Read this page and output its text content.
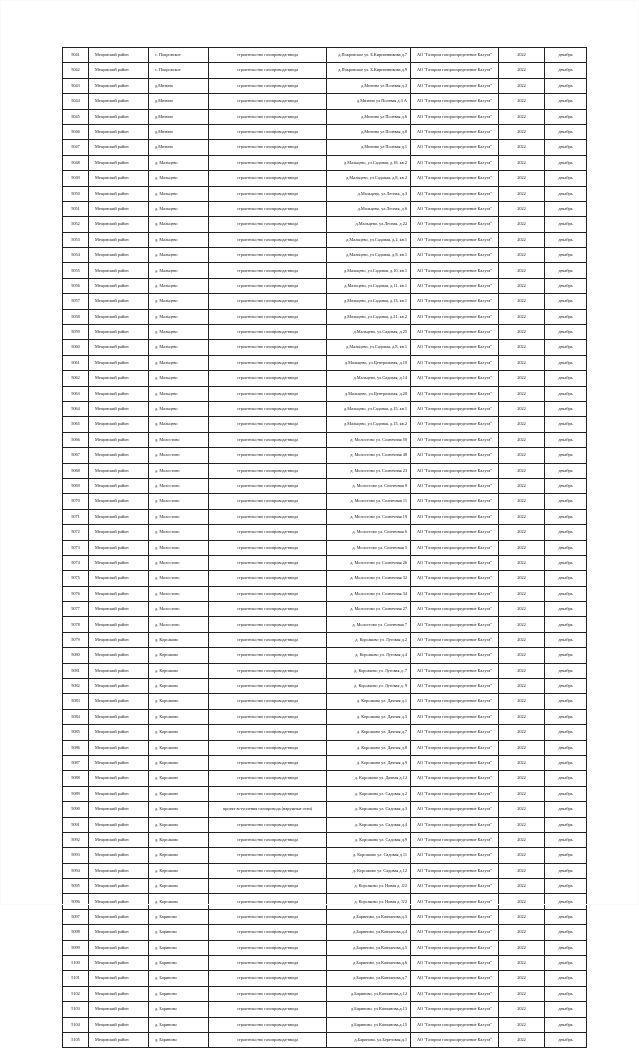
5041	Мещовский район	с. Покровское	строительство газопровода-ввода	д.Покровское ул. Б.Кирпичникова д.7	АО "Газпром газораспределение Калуга"	2022	декабрь
5042	Мещовский район	с. Покровское	строительство газопровода-ввода	д.Покровское ул. Б.Кирпичникова д.9	АО "Газпром газораспределение Калуга"	2022	декабрь
5043	Мещовский район	д.Митино	строительство газопровода-ввода	д.Митино ул Полевая д.3	АО "Газпром газораспределение Калуга"	2022	декабрь
5044	Мещовский район	д.Митино	строительство газопровода-ввода	д.Митино ул Полевая д.3 А	АО "Газпром газораспределение Калуга"	2022	декабрь
5045	Мещовский район	д.Митино	строительство газопровода-ввода	д.Митино ул Полевая д.6	АО "Газпром газораспределение Калуга"	2022	декабрь
5046	Мещовский район	д.Митино	строительство газопровода-ввода	д.Митино ул Полевая д.8	АО "Газпром газораспределение Калуга"	2022	декабрь
5047	Мещовский район	д.Митино	строительство газопровода-ввода	д.Митино ул Полевая д.1	АО "Газпром газораспределение Калуга"	2022	декабрь
5048	Мещовский район	д. Мальцево	строительство газопровода-ввода	д.Мальцево, ул.Садовая, д.18, кв.2	АО "Газпром газораспределение Калуга"	2022	декабрь
5049	Мещовский район	д. Мальцево	строительство газопровода-ввода	д.Мальцево, ул.Садовая, д.8, кв.2	АО "Газпром газораспределение Калуга"	2022	декабрь
5050	Мещовский район	д. Мальцево	строительство газопровода-ввода	д.Мальцево, ул.Лесная, д.3	АО "Газпром газораспределение Калуга"	2022	декабрь
5051	Мещовский район	д. Мальцево	строительство газопровода-ввода	д.Мальцево, ул.Лесная, д.6	АО "Газпром газораспределение Калуга"	2022	декабрь
5052	Мещовский район	д. Мальцево	строительство газопровода-ввода	д.Мальцево, ул.Лесная, д.22	АО "Газпром газораспределение Калуга"	2022	декабрь
5053	Мещовский район	д. Мальцево	строительство газопровода-ввода	д.Мальцево, ул.Садовая, д.2, кв.1	АО "Газпром газораспределение Калуга"	2022	декабрь
5054	Мещовский район	д. Мальцево	строительство газопровода-ввода	д.Мальцево, ул.Садовая, д.8, кв.1	АО "Газпром газораспределение Калуга"	2022	декабрь
5055	Мещовский район	д. Мальцево	строительство газопровода-ввода	д.Мальцево, ул.Садовая, д.10, кв.1	АО "Газпром газораспределение Калуга"	2022	декабрь
5056	Мещовский район	д. Мальцево	строительство газопровода-ввода	д.Мальцево, ул.Садовая, д.11, кв.1	АО "Газпром газораспределение Калуга"	2022	декабрь
5057	Мещовский район	д. Мальцево	строительство газопровода-ввода	д.Мальцево, ул.Садовая, д.13, кв.1	АО "Газпром газораспределение Калуга"	2022	декабрь
5058	Мещовский район	д. Мальцево	строительство газопровода-ввода	д.Мальцево, ул.Садовая, д.21, кв.2	АО "Газпром газораспределение Калуга"	2022	декабрь
5059	Мещовский район	д. Мальцево	строительство газопровода-ввода	д.Мальцево, ул.Садовая, д.25	АО "Газпром газораспределение Калуга"	2022	декабрь
5060	Мещовский район	д. Мальцево	строительство газопровода-ввода	д.Мальцево, ул.Садовая, д.8, кв.1	АО "Газпром газораспределение Калуга"	2022	декабрь
5061	Мещовский район	д. Мальцево	строительство газопровода-ввода	д.Мальцево, ул.Центральная, д.10	АО "Газпром газораспределение Калуга"	2022	декабрь
5062	Мещовский район	д. Мальцево	строительство газопровода-ввода	д.Мальцево, ул.Садовая, д.14	АО "Газпром газораспределение Калуга"	2022	декабрь
5063	Мещовский район	д. Мальцево	строительство газопровода-ввода	д.Мальцево, ул.Центральная, д.20	АО "Газпром газораспределение Калуга"	2022	декабрь
5064	Мещовский район	д. Мальцево	строительство газопровода-ввода	д.Мальцево, ул.Садовая, д.15, кв.1	АО "Газпром газораспределение Калуга"	2022	декабрь
5065	Мещовский район	д. Мальцево	строительство газопровода-ввода	д.Мальцево, ул.Садовая, д.15, кв.2	АО "Газпром газораспределение Калуга"	2022	декабрь
5066	Мещовский район	д. Молостово	строительство газопровода-ввода	д. Молостово ул. Солнечная 50	АО "Газпром газораспределение Калуга"	2022	декабрь
5067	Мещовский район	д. Молостово	строительство газопровода-ввода	д. Молостово ул. Солнечная 48	АО "Газпром газораспределение Калуга"	2022	декабрь
5068	Мещовский район	д. Молостово	строительство газопровода-ввода	д. Молостово ул. Солнечная 23	АО "Газпром газораспределение Калуга"	2022	декабрь
5069	Мещовский район	д. Молостово	строительство газопровода-ввода	д. Молостово ул. Солнечная 9	АО "Газпром газораспределение Калуга"	2022	декабрь
5070	Мещовский район	д. Молостово	строительство газопровода-ввода	д. Молостово ул. Солнечная 11	АО "Газпром газораспределение Калуга"	2022	декабрь
5071	Мещовский район	д. Молостово	строительство газопровода-ввода	д. Молостово ул. Солнечная 19	АО "Газпром газораспределение Калуга"	2022	декабрь
5072	Мещовский район	д. Молостово	строительство газопровода-ввода	д. Молостово ул. Солнечная 6	АО "Газпром газораспределение Калуга"	2022	декабрь
5073	Мещовский район	д. Молостово	строительство газопровода-ввода	д. Молостово ул. Солнечная 5	АО "Газпром газораспределение Калуга"	2022	декабрь
5074	Мещовский район	д. Молостово	строительство газопровода-ввода	д. Молостово ул. Солнечная 26	АО "Газпром газораспределение Калуга"	2022	декабрь
5075	Мещовский район	д. Молостово	строительство газопровода-ввода	д. Молостово ул. Солнечная 32	АО "Газпром газораспределение Калуга"	2022	декабрь
5076	Мещовский район	д. Молостово	строительство газопровода-ввода	д. Молостово ул. Солнечная 34	АО "Газпром газораспределение Калуга"	2022	декабрь
5077	Мещовский район	д. Молостово	строительство газопровода-ввода	д. Молостово ул. Солнечная 27	АО "Газпром газораспределение Калуга"	2022	декабрь
5078	Мещовский район	д. Молостово	строительство газопровода-ввода	д. Молостово ул. Солнечная 7	АО "Газпром газораспределение Калуга"	2022	декабрь
5079	Мещовский район	д. Корсаково	строительство газопровода-ввода	д. Корсаково ул. Луговая д.2	АО "Газпром газораспределение Калуга"	2022	декабрь
5080	Мещовский район	д. Корсаково	строительство газопровода-ввода	д. Корсаково ул. Луговая д.4	АО "Газпром газораспределение Калуга"	2022	декабрь
5081	Мещовский район	д. Корсаково	строительство газопровода-ввода	д. Корсаково ул. Луговая д. 7	АО "Газпром газораспределение Калуга"	2022	декабрь
5082	Мещовский район	д. Корсаково	строительство газопровода-ввода	д. Корсаково ул. Луговая д. 9	АО "Газпром газораспределение Калуга"	2022	декабрь
5083	Мещовский район	д. Корсаково	строительство газопровода-ввода	д. Корсаково ул. Дачная д.1	АО "Газпром газораспределение Калуга"	2022	декабрь
5084	Мещовский район	д. Корсаково	строительство газопровода-ввода	д. Корсаково ул. Дачная д.3	АО "Газпром газораспределение Калуга"	2022	декабрь
5085	Мещовский район	д. Корсаково	строительство газопровода-ввода	д. Корсаково ул. Дачная д.7	АО "Газпром газораспределение Калуга"	2022	декабрь
5086	Мещовский район	д. Корсаково	строительство газопровода-ввода	д. Корсаково ул. Дачная д.8	АО "Газпром газораспределение Калуга"	2022	декабрь
5087	Мещовский район	д. Корсаково	строительство газопровода-ввода	д. Корсаково ул. Дачная д.9	АО "Газпром газораспределение Калуга"	2022	декабрь
5088	Мещовский район	д. Корсаково	строительство газопровода-ввода	д. Корсаково ул. Дачная д.12	АО "Газпром газораспределение Калуга"	2022	декабрь
5089	Мещовский район	д. Корсаково	строительство газопровода-ввода	д. Корсаково ул. Садовая д.2	АО "Газпром газораспределение Калуга"	2022	декабрь
5090	Мещовский район	д. Корсаково	проект вступления газопровода (наружные сети)	д. Корсаково ул. Садовая д.3	АО "Газпром газораспределение Калуга"	2022	декабрь
5091	Мещовский район	д. Корсаково	строительство газопровода-ввода	д. Корсаково ул. Садовая д.4	АО "Газпром газораспределение Калуга"	2022	декабрь
5092	Мещовский район	д. Корсаково	строительство газопровода-ввода	д. Корсаково ул. Садовая д.9	АО "Газпром газораспределение Калуга"	2022	декабрь
5093	Мещовский район	д. Корсаково	строительство газопровода-ввода	д. Корсаково ул. Садовая д.11	АО "Газпром газораспределение Калуга"	2022	декабрь
5094	Мещовский район	д. Корсаково	строительство газопровода-ввода	д. Корсаково ул. Садовая д.12	АО "Газпром газораспределение Калуга"	2022	декабрь
5095	Мещовский район	д. Корсаково	строительство газопровода-ввода	д. Корсаково ул. Новая д. 4/2	АО "Газпром газораспределение Калуга"	2022	декабрь
5096	Мещовский район	д. Корсаково	строительство газопровода-ввода	д. Корсаково ул. Новая д. 3/2	АО "Газпром газораспределение Калуга"	2022	декабрь
5097	Мещовский район	д. Бариново	строительство газопровода-ввода	д.Бариново, ул.Капчанова,д.3	АО "Газпром газораспределение Калуга"	2022	декабрь
5098	Мещовский район	д. Бариново	строительство газопровода-ввода	д.Бариново, ул.Капчанова,д.4	АО "Газпром газораспределение Калуга"	2022	декабрь
5099	Мещовский район	д. Бариново	строительство газопровода-ввода	д.Бариново, ул.Капчанова,д.5	АО "Газпром газораспределение Калуга"	2022	декабрь
5100	Мещовский район	д. Бариново	строительство газопровода-ввода	д.Бариново, ул.Капчанова,д.6	АО "Газпром газораспределение Калуга"	2022	декабрь
5101	Мещовский район	д. Бариново	строительство газопровода-ввода	д.Бариново, ул.Капчанова,д.7	АО "Газпром газораспределение Калуга"	2022	декабрь
5102	Мещовский район	д. Бариново	строительство газопровода-ввода	д.Бариново, ул.Капчанова,д.12	АО "Газпром газораспределение Калуга"	2022	декабрь
5103	Мещовский район	д. Бариново	строительство газопровода-ввода	д.Бариново, ул.Капчанова,д.13	АО "Газпром газораспределение Калуга"	2022	декабрь
5104	Мещовский район	д. Бариново	строительство газопровода-ввода	д.Бариново, ул.Капчанова,д.15	АО "Газпром газораспределение Калуга"	2022	декабрь
5105	Мещовский район	д. Бариново	строительство газопровода-ввода	д.Бариново, ул.Березовая,д.1	АО "Газпром газораспределение Калуга"	2022	декабрь
